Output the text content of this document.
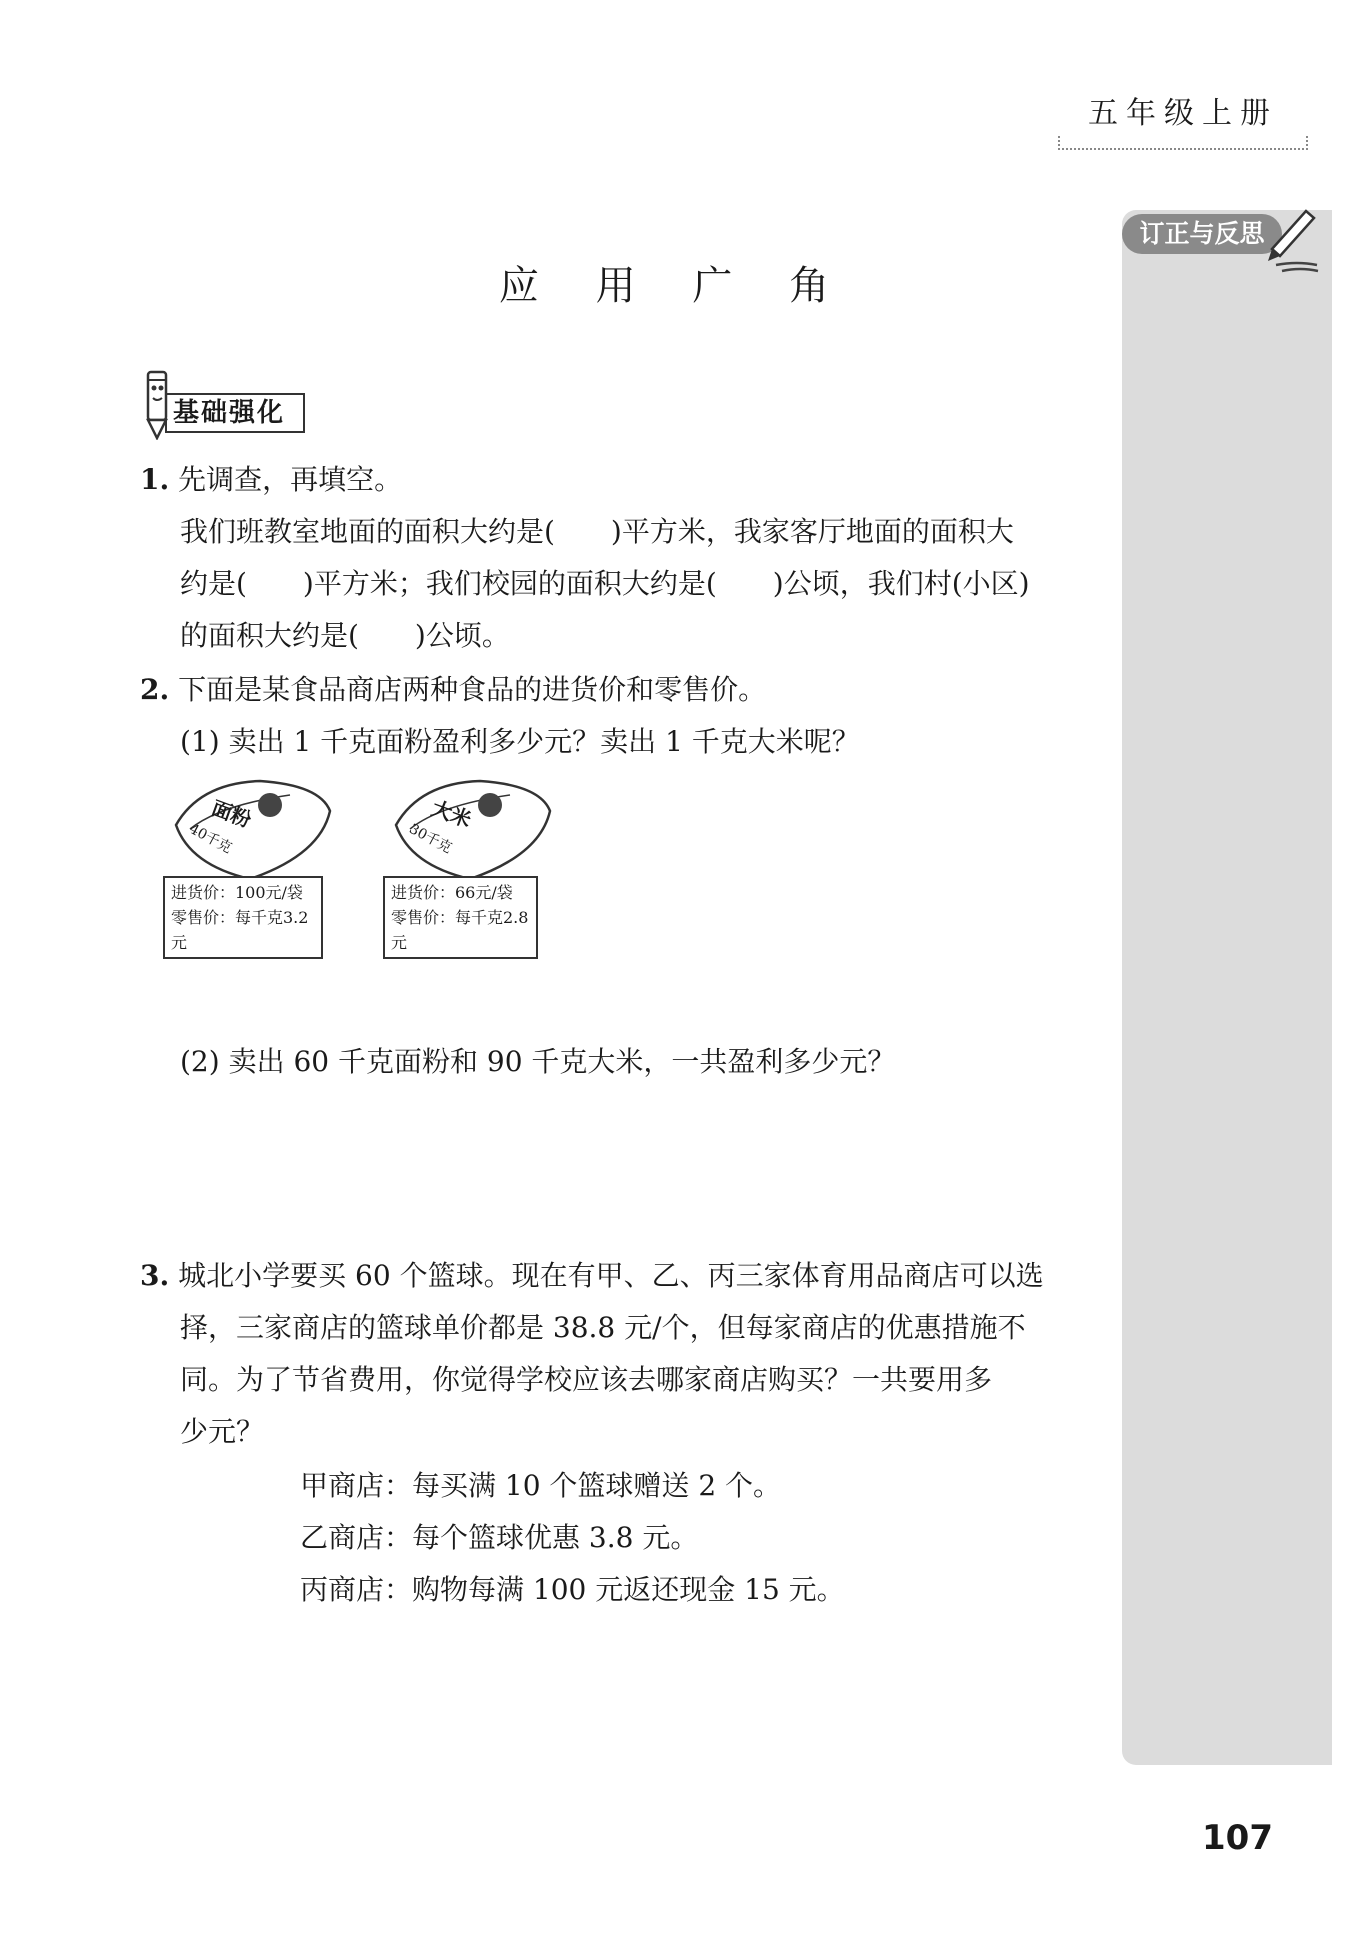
五年级上册
订正与反思
应 用 广 角
基础强化
1. 先调查，再填空。
我们班教室地面的面积大约是(　　)平方米，我家客厅地面的面积大
约是(　　)平方米；我们校园的面积大约是(　　)公顷，我们村(小区)
的面积大约是(　　)公顷。
2. 下面是某食品商店两种食品的进货价和零售价。
(1) 卖出 1 千克面粉盈利多少元？卖出 1 千克大米呢？
面粉
40千克
进货价：100元/袋
零售价：每千克3.2元
大米
30千克
进货价：66元/袋
零售价：每千克2.8元
(2) 卖出 60 千克面粉和 90 千克大米，一共盈利多少元？
3. 城北小学要买 60 个篮球。现在有甲、乙、丙三家体育用品商店可以选
择，三家商店的篮球单价都是 38.8 元/个，但每家商店的优惠措施不
同。为了节省费用，你觉得学校应该去哪家商店购买？一共要用多
少元？
甲商店：每买满 10 个篮球赠送 2 个。
乙商店：每个篮球优惠 3.8 元。
丙商店：购物每满 100 元返还现金 15 元。
107
